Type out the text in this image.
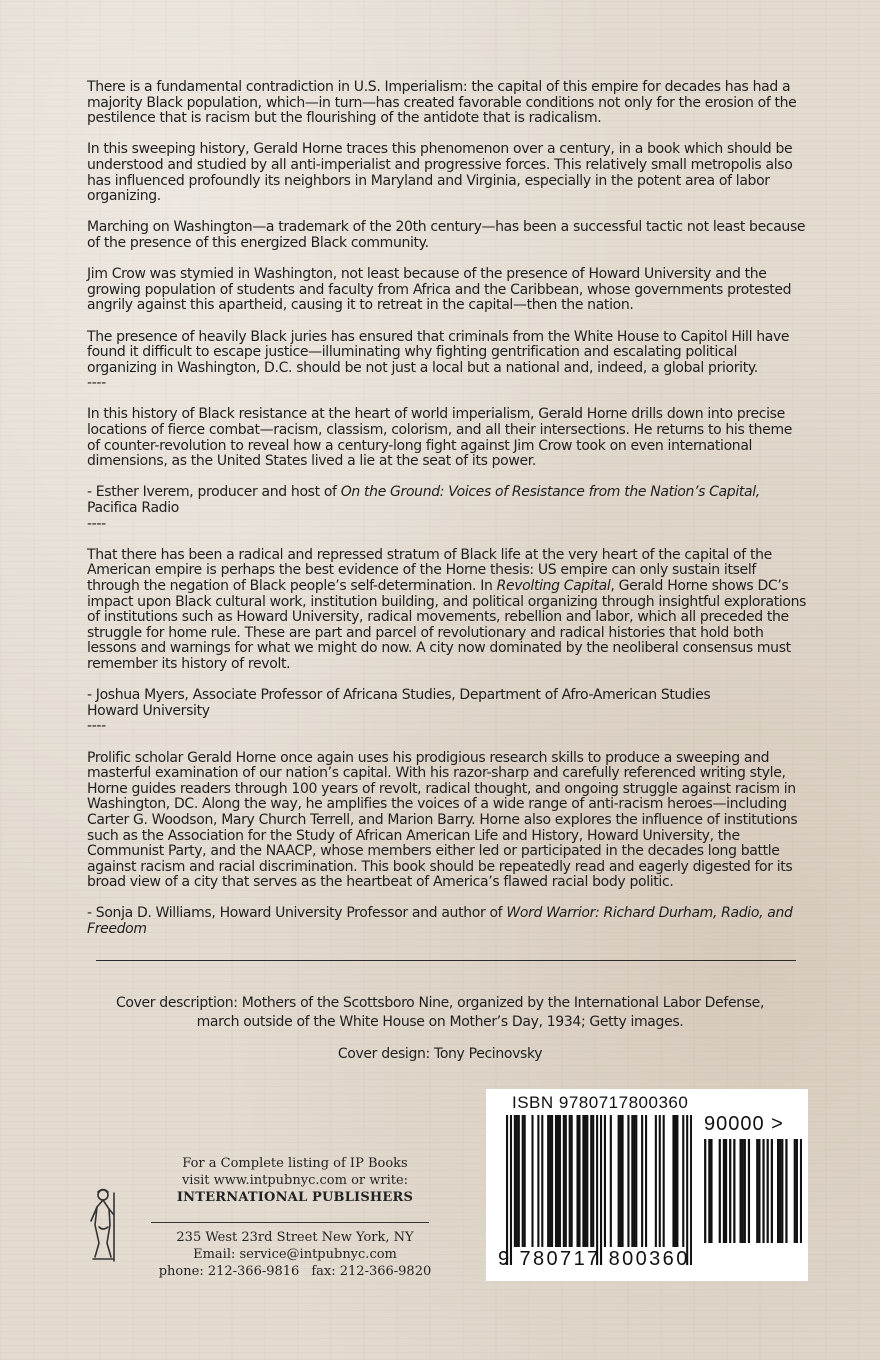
There is a fundamental contradiction in U.S. Imperialism: the capital of this empire for decades has had a majority Black population, which—in turn—has created favorable conditions not only for the erosion of the pestilence that is racism but the flourishing of the antidote that is radicalism.

In this sweeping history, Gerald Horne traces this phenomenon over a century, in a book which should be understood and studied by all anti-imperialist and progressive forces. This relatively small metropolis also has influenced profoundly its neighbors in Maryland and Virginia, especially in the potent area of labor organizing.

Marching on Washington—a trademark of the 20th century—has been a successful tactic not least because of the presence of this energized Black community.

Jim Crow was stymied in Washington, not least because of the presence of Howard University and the growing population of students and faculty from Africa and the Caribbean, whose governments protested angrily against this apartheid, causing it to retreat in the capital—then the nation.

The presence of heavily Black juries has ensured that criminals from the White House to Capitol Hill have found it difficult to escape justice—illuminating why fighting gentrification and escalating political organizing in Washington, D.C. should be not just a local but a national and, indeed, a global priority.

----

In this history of Black resistance at the heart of world imperialism, Gerald Horne drills down into precise locations of fierce combat—racism, classism, colorism, and all their intersections. He returns to his theme of counter-revolution to reveal how a century-long fight against Jim Crow took on even international dimensions, as the United States lived a lie at the seat of its power.

- Esther Iverem, producer and host of On the Ground: Voices of Resistance from the Nation’s Capital,
Pacifica Radio

----

That there has been a radical and repressed stratum of Black life at the very heart of the capital of the American empire is perhaps the best evidence of the Horne thesis: US empire can only sustain itself through the negation of Black people’s self-determination. In Revolting Capital, Gerald Horne shows DC’s impact upon Black cultural work, institution building, and political organizing through insightful explorations of institutions such as Howard University, radical movements, rebellion and labor, which all preceded the struggle for home rule. These are part and parcel of revolutionary and radical histories that hold both lessons and warnings for what we might do now. A city now dominated by the neoliberal consensus must remember its history of revolt.

- Joshua Myers, Associate Professor of Africana Studies, Department of Afro-American Studies
Howard University

----

Prolific scholar Gerald Horne once again uses his prodigious research skills to produce a sweeping and masterful examination of our nation’s capital. With his razor-sharp and carefully referenced writing style, Horne guides readers through 100 years of revolt, radical thought, and ongoing struggle against racism in Washington, DC. Along the way, he amplifies the voices of a wide range of anti-racism heroes—including Carter G. Woodson, Mary Church Terrell, and Marion Barry. Horne also explores the influence of institutions such as the Association for the Study of African American Life and History, Howard University, the Communist Party, and the NAACP, whose members either led or participated in the decades long battle against racism and racial discrimination. This book should be repeatedly read and eagerly digested for its broad view of a city that serves as the heartbeat of America’s flawed racial body politic.

- Sonja D. Williams, Howard University Professor and author of Word Warrior: Richard Durham, Radio, and Freedom

Cover description: Mothers of the Scottsboro Nine, organized by the International Labor Defense,
march outside of the White House on Mother’s Day, 1934; Getty images.
Cover design: Tony Pecinovsky
For a Complete listing of IP Books
visit www.intpubnyc.com or write:
INTERNATIONAL PUBLISHERS
235 West 23rd Street New York, NY
Email: service@intpubnyc.com
phone: 212-366-9816 fax: 212-366-9820
ISBN 9780717800360
90000 >
9 780717 800360
